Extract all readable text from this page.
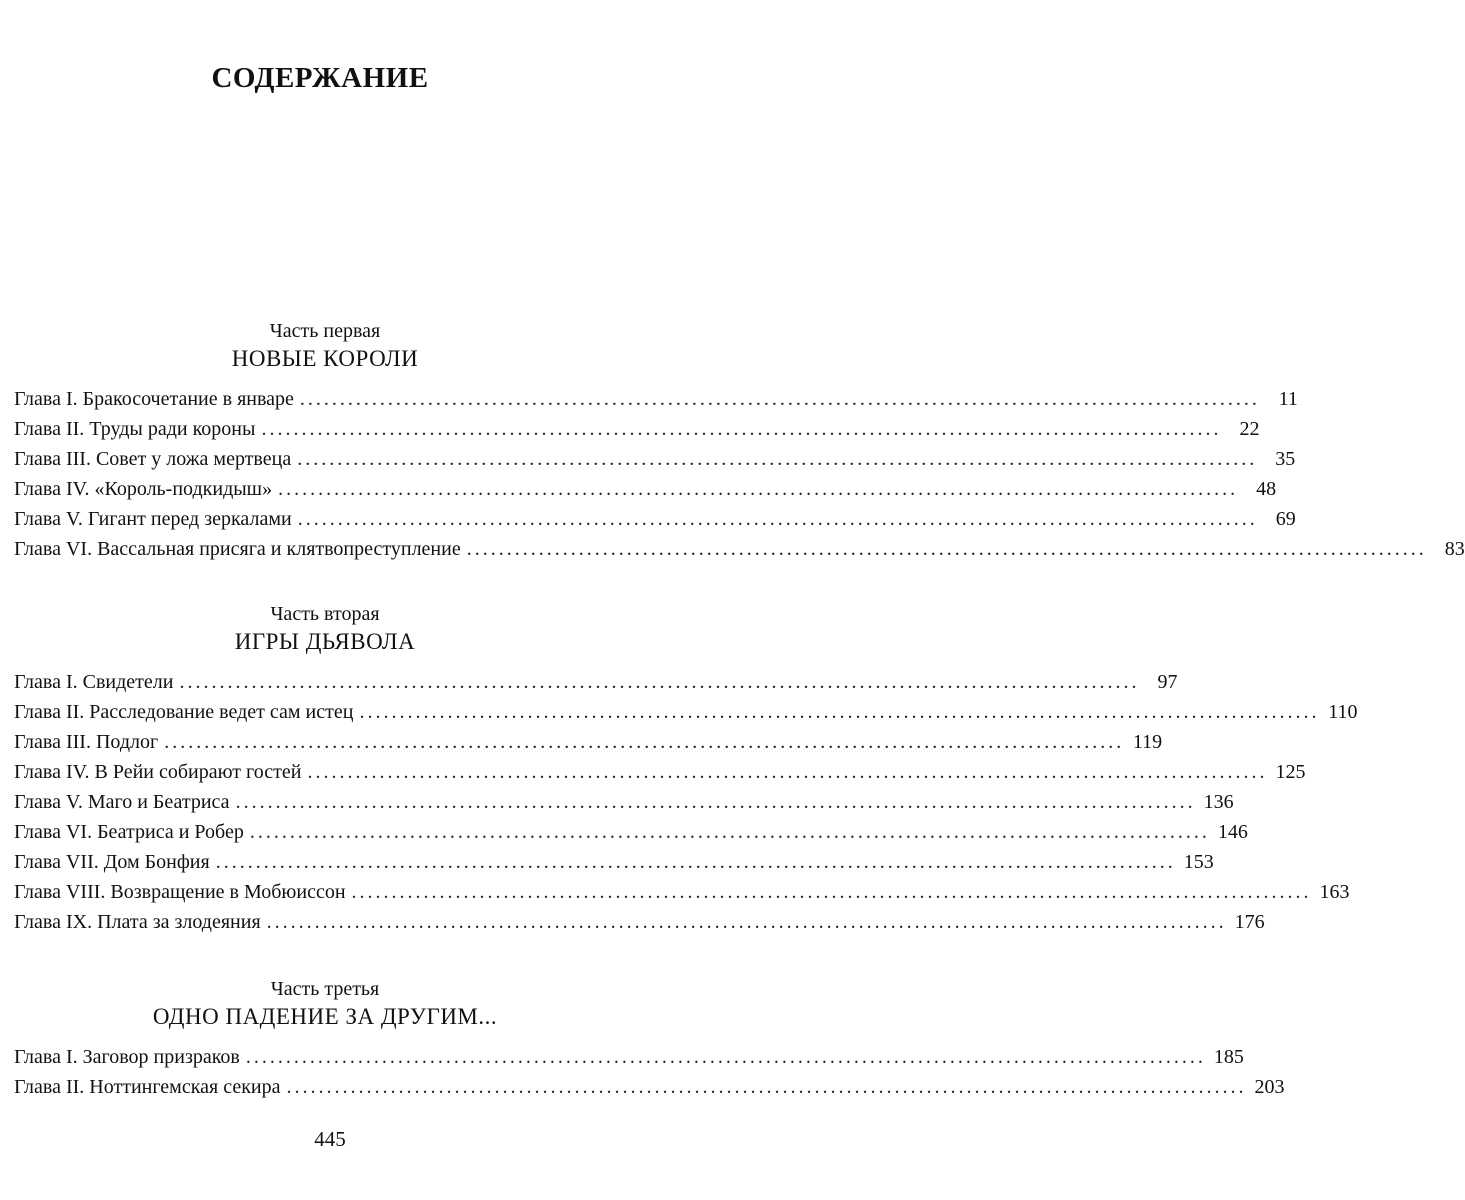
СОДЕРЖАНИЕ
Часть первая
НОВЫЕ КОРОЛИ
Глава I. Бракосочетание в январе ........................................................................................................................ 11
Глава II. Труды ради короны ........................................................................................................................ 22
Глава III. Совет у ложа мертвеца ........................................................................................................................ 35
Глава IV. «Король-подкидыш» ........................................................................................................................ 48
Глава V. Гигант перед зеркалами ........................................................................................................................ 69
Глава VI. Вассальная присяга и клятвопреступление ........................................................................................................................ 83
Часть вторая
ИГРЫ ДЬЯВОЛА
Глава I. Свидетели ........................................................................................................................ 97
Глава II. Расследование ведет сам истец ........................................................................................................................ 110
Глава III. Подлог ........................................................................................................................ 119
Глава IV. В Рейи собирают гостей ........................................................................................................................ 125
Глава V. Маго и Беатриса ........................................................................................................................ 136
Глава VI. Беатриса и Робер ........................................................................................................................ 146
Глава VII. Дом Бонфия ........................................................................................................................ 153
Глава VIII. Возвращение в Мобюиссон ........................................................................................................................ 163
Глава IX. Плата за злодеяния ........................................................................................................................ 176
Часть третья
ОДНО ПАДЕНИЕ ЗА ДРУГИМ...
Глава I. Заговор призраков ........................................................................................................................ 185
Глава II. Ноттингемская секира ........................................................................................................................ 203
445
